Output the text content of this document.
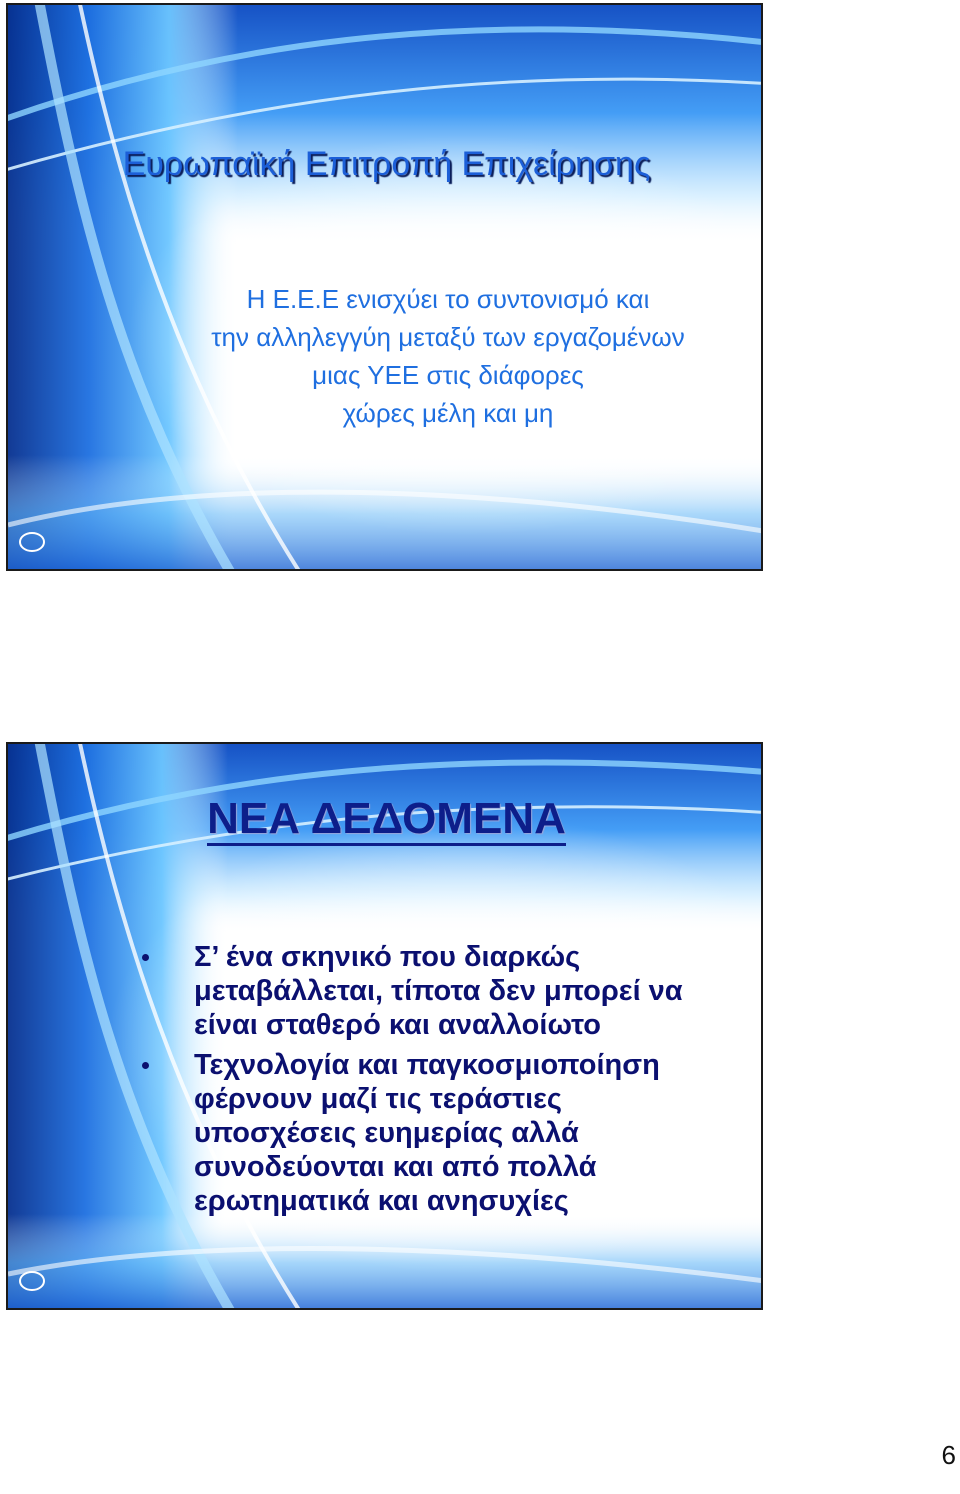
Ευρωπαϊκή Επιτροπή Επιχείρησης
Η Ε.Ε.Ε ενισχύει το συντονισμό και
την αλληλεγγύη μεταξύ των εργαζομένων
μιας ΥΕΕ στις διάφορες
χώρες μέλη και μη
ΝΕΑ ΔΕΔΟΜΕΝΑ
Σ’ ένα σκηνικό που διαρκώς
μεταβάλλεται, τίποτα δεν μπορεί να
είναι σταθερό και αναλλοίωτο
Τεχνολογία και παγκοσμιοποίηση
φέρνουν μαζί τις τεράστιες
υποσχέσεις ευημερίας αλλά
συνοδεύονται και από πολλά
ερωτηματικά και ανησυχίες
6
